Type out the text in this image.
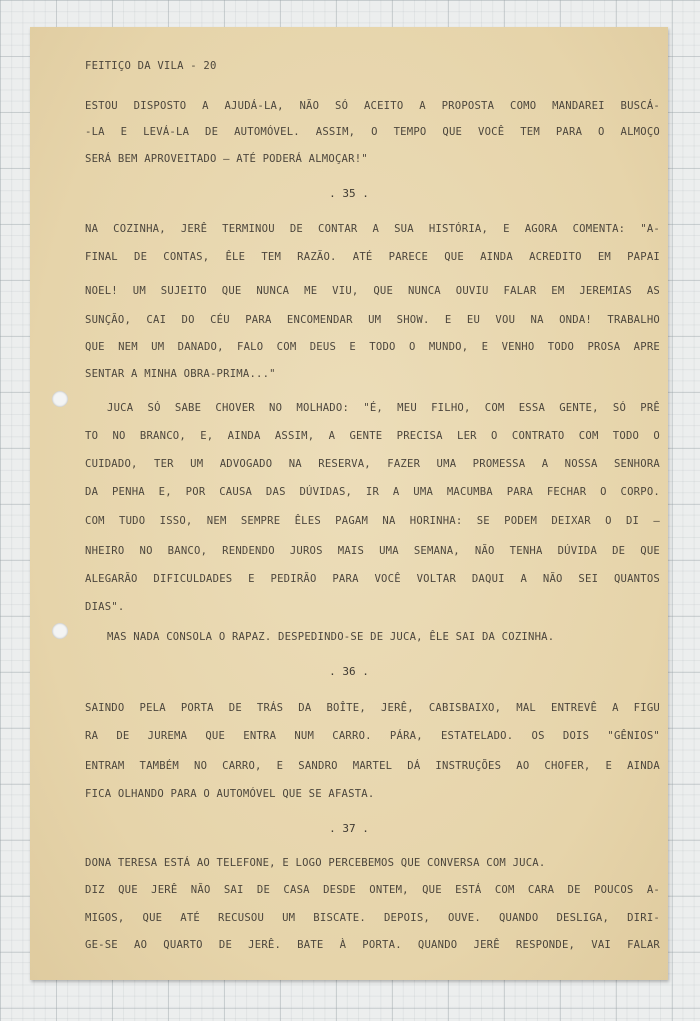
FEITIÇO DA VILA - 20
ESTOU DISPOSTO A AJUDÁ-LA, NÃO SÓ ACEITO A PROPOSTA COMO MANDAREI BUSCÁ-
-LA E LEVÁ-LA DE AUTOMÓVEL. ASSIM, O TEMPO QUE VOCÊ TEM PARA O ALMOÇO
SERÁ BEM APROVEITADO — ATÉ PODERÁ ALMOÇAR!"
. 35 .
NA COZINHA, JERÊ TERMINOU DE CONTAR A SUA HISTÓRIA, E AGORA COMENTA: "A-
FINAL DE CONTAS, ÊLE TEM RAZÃO. ATÉ PARECE QUE AINDA ACREDITO EM PAPAI
NOEL! UM SUJEITO QUE NUNCA ME VIU, QUE NUNCA OUVIU FALAR EM JEREMIAS AS
SUNÇÃO, CAI DO CÉU PARA ENCOMENDAR UM SHOW. E EU VOU NA ONDA! TRABALHO
QUE NEM UM DANADO, FALO COM DEUS E TODO O MUNDO, E VENHO TODO PROSA APRE
SENTAR A MINHA OBRA-PRIMA..."
JUCA SÓ SABE CHOVER NO MOLHADO: "É, MEU FILHO, COM ESSA GENTE, SÓ PRÊ
TO NO BRANCO, E, AINDA ASSIM, A GENTE PRECISA LER O CONTRATO COM TODO O
CUIDADO, TER UM ADVOGADO NA RESERVA, FAZER UMA PROMESSA A NOSSA SENHORA
DA PENHA E, POR CAUSA DAS DÚVIDAS, IR A UMA MACUMBA PARA FECHAR O CORPO.
COM TUDO ISSO, NEM SEMPRE ÊLES PAGAM NA HORINHA: SE PODEM DEIXAR O DI —
NHEIRO NO BANCO, RENDENDO JUROS MAIS UMA SEMANA, NÃO TENHA DÚVIDA DE QUE
ALEGARÃO DIFICULDADES E PEDIRÃO PARA VOCÊ VOLTAR DAQUI A NÃO SEI QUANTOS
DIAS".
MAS NADA CONSOLA O RAPAZ. DESPEDINDO-SE DE JUCA, ÊLE SAI DA COZINHA.
. 36 .
SAINDO PELA PORTA DE TRÁS DA BOÎTE, JERÊ, CABISBAIXO, MAL ENTREVÊ A FIGU
RA DE JUREMA QUE ENTRA NUM CARRO. PÁRA, ESTATELADO. OS DOIS "GÊNIOS"
ENTRAM TAMBÉM NO CARRO, E SANDRO MARTEL DÁ INSTRUÇÕES AO CHOFER, E AINDA
FICA OLHANDO PARA O AUTOMÓVEL QUE SE AFASTA.
. 37 .
DONA TERESA ESTÁ AO TELEFONE, E LOGO PERCEBEMOS QUE CONVERSA COM JUCA.
DIZ QUE JERÊ NÃO SAI DE CASA DESDE ONTEM, QUE ESTÁ COM CARA DE POUCOS A-
MIGOS, QUE ATÉ RECUSOU UM BISCATE. DEPOIS, OUVE. QUANDO DESLIGA, DIRI-
GE-SE AO QUARTO DE JERÊ. BATE À PORTA. QUANDO JERÊ RESPONDE, VAI FALAR
